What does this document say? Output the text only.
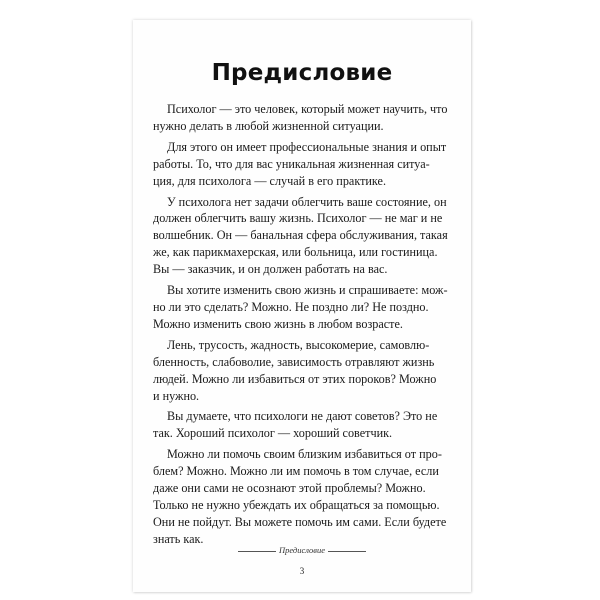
Предисловие

Психолог — это человек, который может научить, что
нужно делать в любой жизненной ситуации.

Для этого он имеет профессиональные знания и опыт
работы. То, что для вас уникальная жизненная ситуа-
ция, для психолога — случай в его практике.

У психолога нет задачи облегчить ваше состояние, он
должен облегчить вашу жизнь. Психолог — не маг и не
волшебник. Он — банальная сфера обслуживания, такая
же, как парикмахерская, или больница, или гостиница.
Вы — заказчик, и он должен работать на вас.

Вы хотите изменить свою жизнь и спрашиваете: мож-
но ли это сделать? Можно. Не поздно ли? Не поздно.
Можно изменить свою жизнь в любом возрасте.

Лень, трусость, жадность, высокомерие, самовлю-
бленность, слабоволие, зависимость отравляют жизнь
людей. Можно ли избавиться от этих пороков? Можно
и нужно.

Вы думаете, что психологи не дают советов? Это не
так. Хороший психолог — хороший советчик.

Можно ли помочь своим близким избавиться от про-
блем? Можно. Можно ли им помочь в том случае, если
даже они сами не осознают этой проблемы? Можно.
Только не нужно убеждать их обращаться за помощью.
Они не пойдут. Вы можете помочь им сами. Если будете
знать как.

Предисловие
3
